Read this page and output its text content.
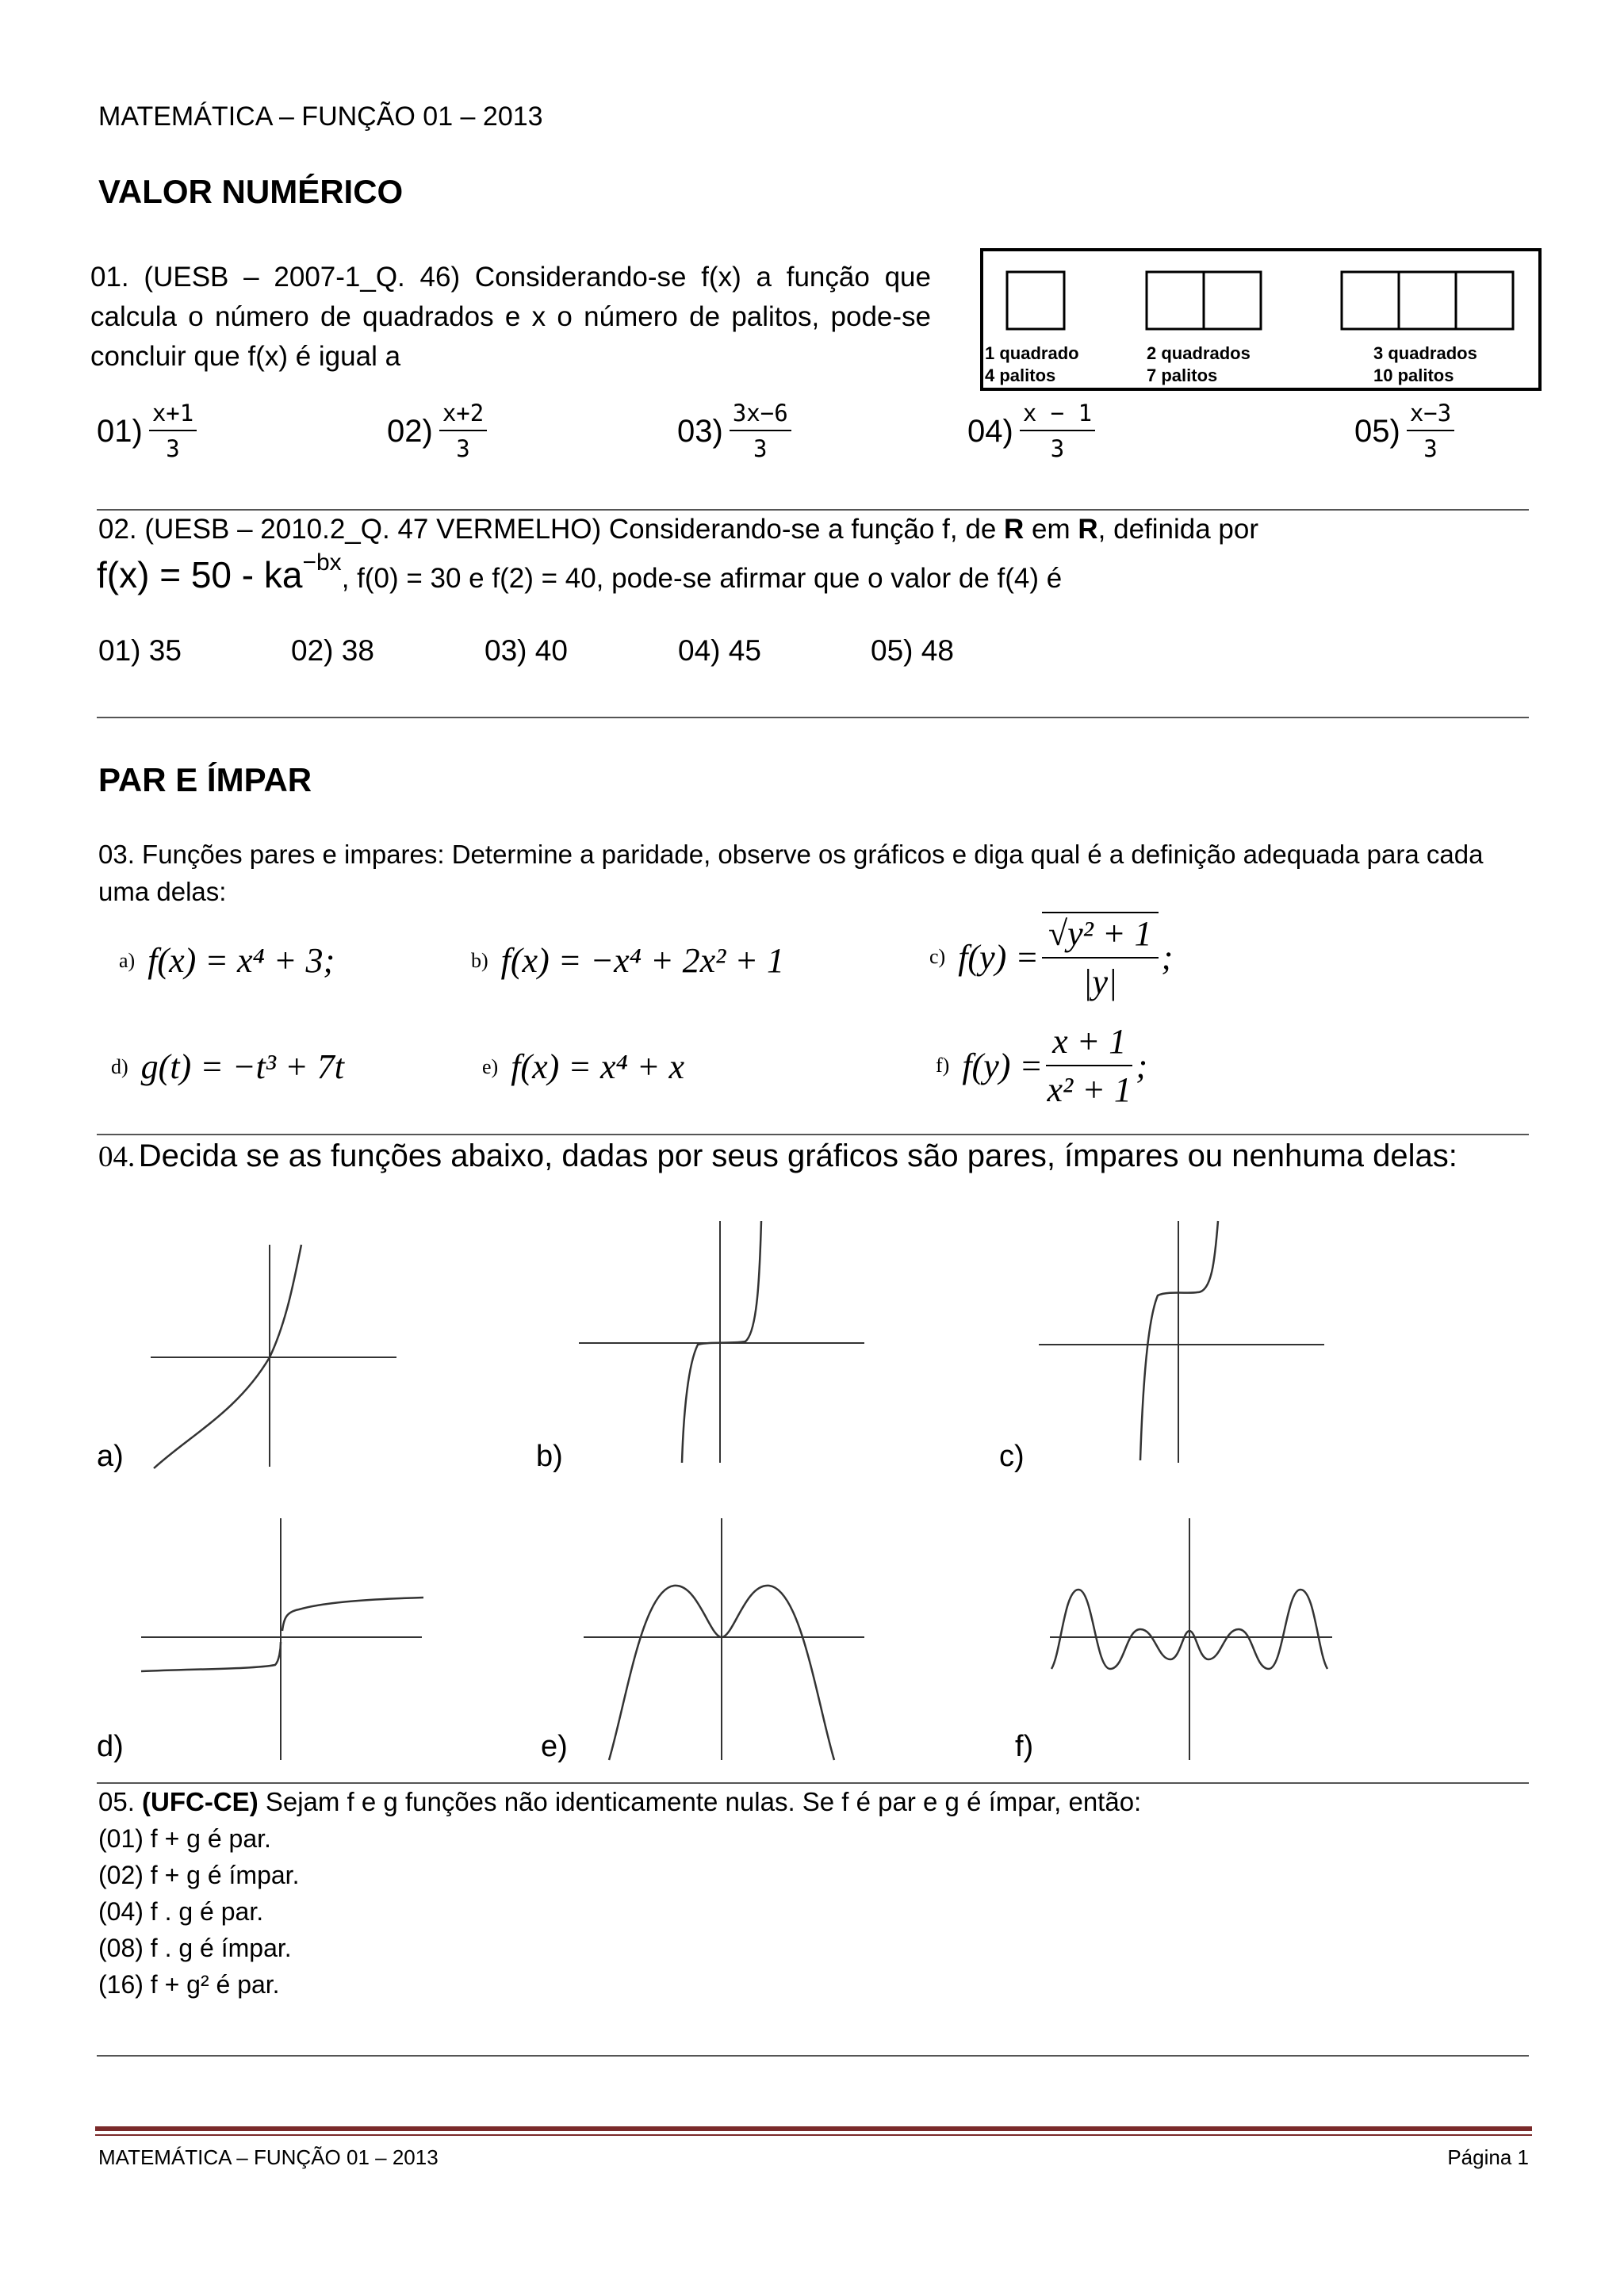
MATEMÁTICA – FUNÇÃO 01 – 2013
VALOR NUMÉRICO
01. (UESB – 2007-1_Q. 46) Considerando-se f(x) a função que calcula o número de quadrados e x o número de palitos, pode-se concluir que f(x) é igual a	1 quadrado
4 palitos
2 quadrados
7 palitos
3 quadrados
10 palitos
$01) \frac{x+1}{3}$	$02) \frac{x+2}{3}$	$03) \frac{3x-6}{3}$	$04) \frac{x - 1}{3}$	$05) \frac{x-3}{3}$
02. (UESB – 2010.2_Q. 47 VERMELHO) Considerando-se a função f, de R em R, definida por
f(x) = 50 - ka−bx, f(0) = 30 e f(2) = 40, pode-se afirmar que o valor de f(4) é
01) 35	02) 38	03) 40	04) 45	05) 48
PAR E ÍMPAR
03. Funções pares e impares: Determine a paridade, observe os gráficos e diga qual é a definição adequada para cada uma delas:
a) f(x) = x⁴ + 3;	b) f(x) = −x⁴ + 2x² + 1	c) $f(y) = \frac{\text{√y² + 1}}{|y|}$ ;
d) g(t) = −t³ + 7t	e) f(x) = x⁴ + x	f) $f(y) = \frac{x + 1}{\text{x² + 1}}$ ;
04. Decida se as funções abaixo, dadas por seus gráficos são pares, ímpares ou nenhuma delas:
a)	b)	c)
d)	e)	f)
05. (UFC-CE) Sejam f e g funções não identicamente nulas. Se f é par e g é ímpar, então:
(01) f + g é par.
(02) f + g é ímpar.
(04) f . g é par.
(08) f . g é ímpar.
(16) f + g² é par.
MATEMÁTICA – FUNÇÃO 01 – 2013	Página 1
